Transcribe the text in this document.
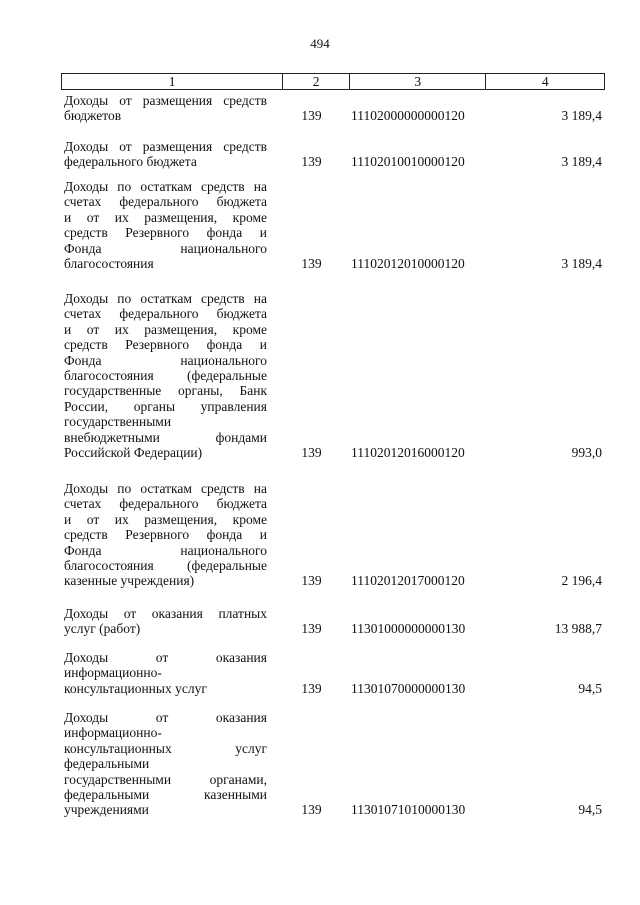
494
1	2	3	4
Доходы от размещения средств
бюджетов	139	11102000000000120	3 189,4
Доходы от размещения средств
федерального бюджета	139	11102010010000120	3 189,4
Доходы по остаткам средств на
счетах федерального бюджета
и от их размещения, кроме
средств Резервного фонда и
Фонда национального
благосостояния	139	11102012010000120	3 189,4
Доходы по остаткам средств на
счетах федерального бюджета
и от их размещения, кроме
средств Резервного фонда и
Фонда национального
благосостояния (федеральные
государственные органы, Банк
России, органы управления
государственными
внебюджетными фондами
Российской Федерации)	139	11102012016000120	993,0
Доходы по остаткам средств на
счетах федерального бюджета
и от их размещения, кроме
средств Резервного фонда и
Фонда национального
благосостояния (федеральные
казенные учреждения)	139	11102012017000120	2 196,4
Доходы от оказания платных
услуг (работ)	139	11301000000000130	13 988,7
Доходы от оказания
информационно-
консультационных услуг	139	11301070000000130	94,5
Доходы от оказания
информационно-
консультационных услуг
федеральными
государственными органами,
федеральными казенными
учреждениями	139	11301071010000130	94,5
